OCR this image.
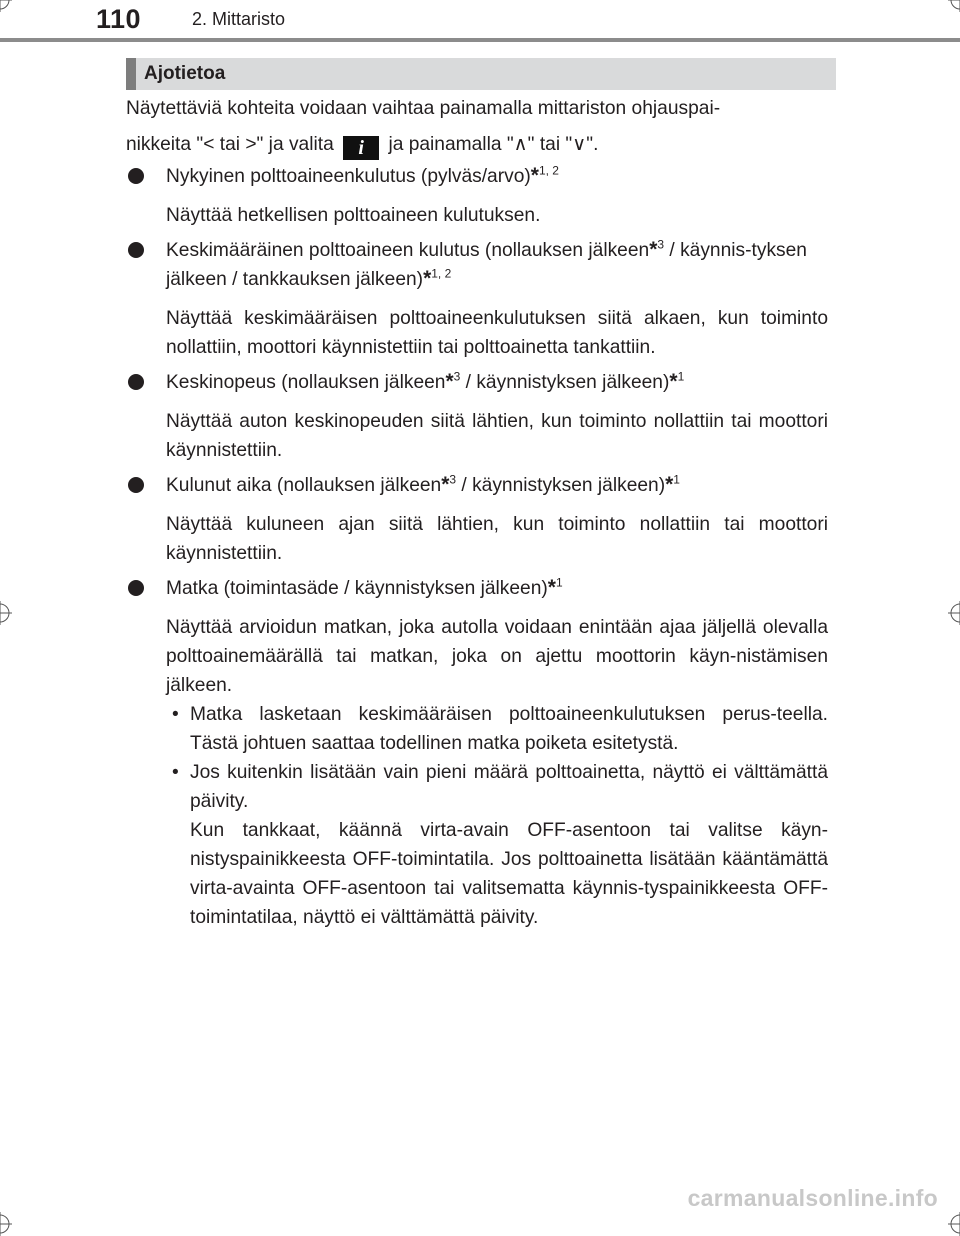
110	2. Mittaristo
Ajotietoa

Näytettäviä kohteita voidaan vaihtaa painamalla mittariston ohjauspai-
nikkeita "< tai >" ja valita i ja painamalla "∧" tai "∨".

Nykyinen polttoaineenkulutus (pylväs/arvo)*$^{1, 2}$

Näyttää hetkellisen polttoaineen kulutuksen.

Keskimääräinen polttoaineen kulutus (nollauksen jälkeen*$^3$ / käynnis-tyksen jälkeen / tankkauksen jälkeen)*$^{1, 2}$

Näyttää keskimääräisen polttoaineenkulutuksen siitä alkaen, kun toiminto nollattiin, moottori käynnistettiin tai polttoainetta tankattiin.

Keskinopeus (nollauksen jälkeen*$^3$ / käynnistyksen jälkeen)*$^1$

Näyttää auton keskinopeuden siitä lähtien, kun toiminto nollattiin tai moottori käynnistettiin.

Kulunut aika (nollauksen jälkeen*$^3$ / käynnistyksen jälkeen)*$^1$

Näyttää kuluneen ajan siitä lähtien, kun toiminto nollattiin tai moottori käynnistettiin.

Matka (toimintasäde / käynnistyksen jälkeen)*$^1$

Näyttää arvioidun matkan, joka autolla voidaan enintään ajaa jäljellä olevalla polttoainemäärällä tai matkan, joka on ajettu moottorin käyn-nistämisen jälkeen.

• Matka lasketaan keskimääräisen polttoaineenkulutuksen perus-teella. Tästä johtuen saattaa todellinen matka poiketa esitetystä.
• Jos kuitenkin lisätään vain pieni määrä polttoainetta, näyttö ei välttämättä päivity.

Kun tankkaat, käännä virta-avain OFF-asentoon tai valitse käyn-nistyspainikkeesta OFF-toimintatila. Jos polttoainetta lisätään kääntämättä virta-avainta OFF-asentoon tai valitsematta käynnis-tyspainikkeesta OFF-toimintatilaa, näyttö ei välttämättä päivity.

carmanualsonline.info
